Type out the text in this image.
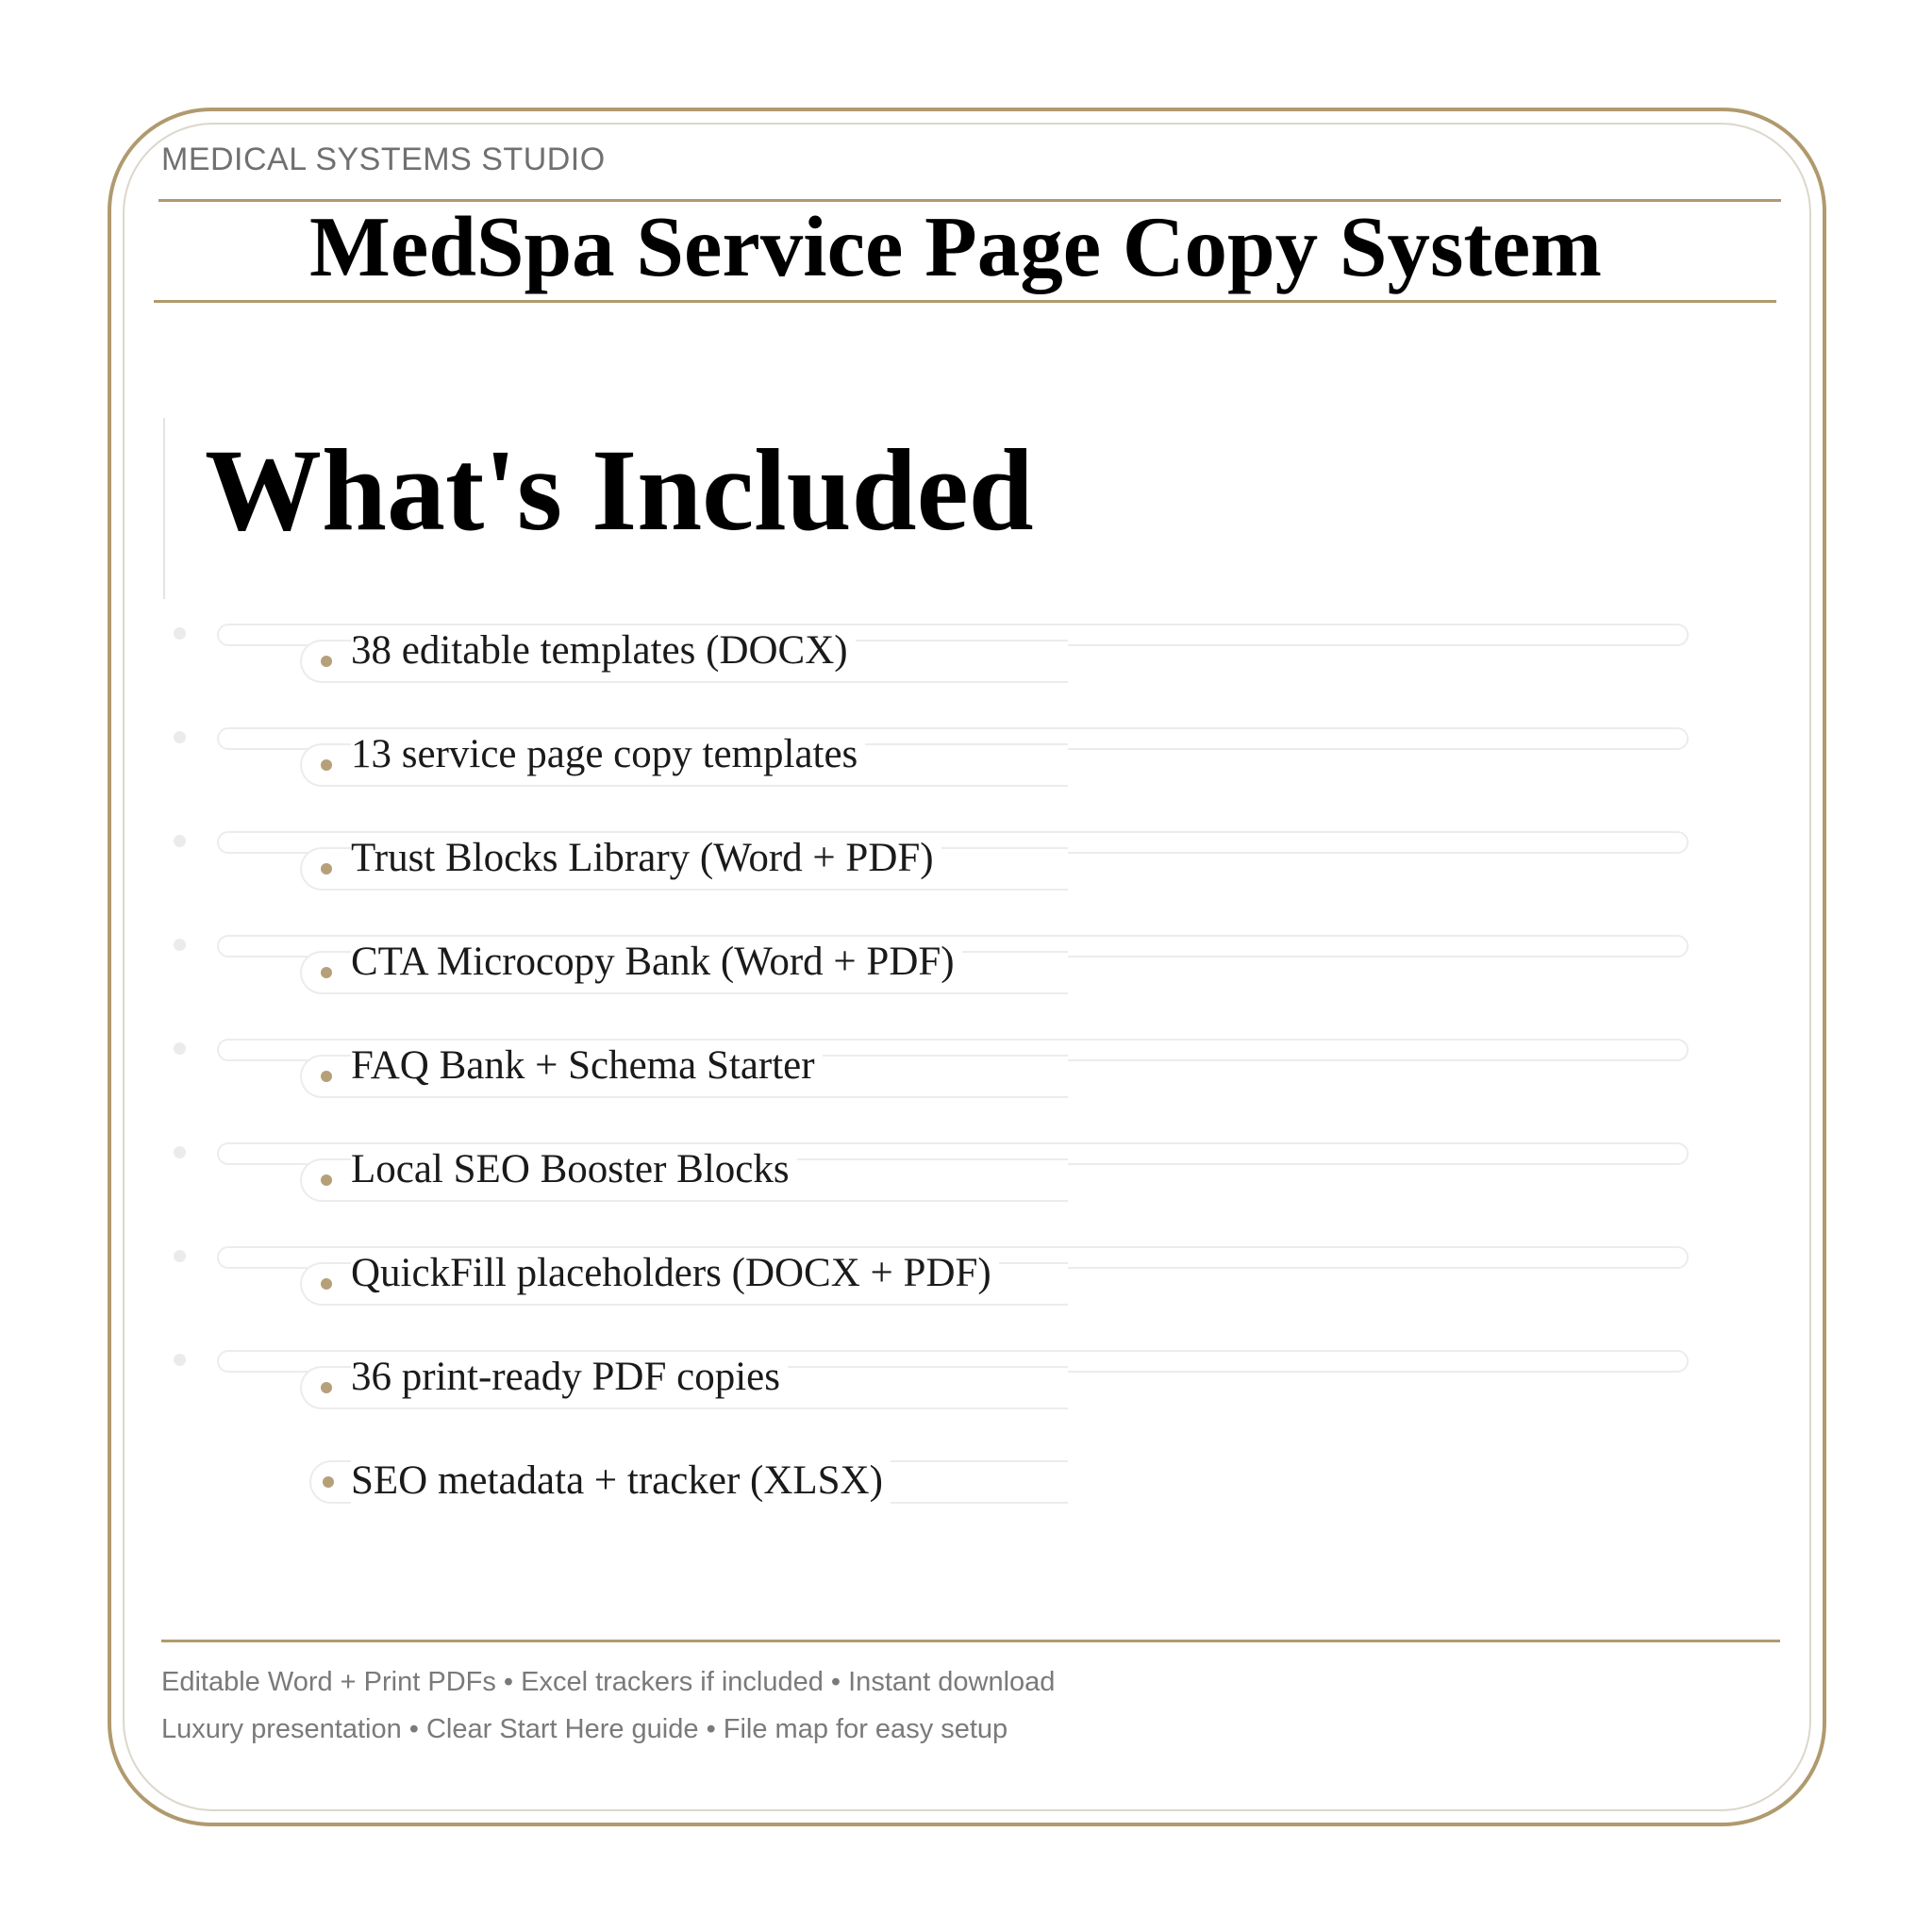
MEDICAL SYSTEMS STUDIO
MedSpa Service Page Copy System
What's Included
38 editable templates (DOCX)
13 service page copy templates
Trust Blocks Library (Word + PDF)
CTA Microcopy Bank (Word + PDF)
FAQ Bank + Schema Starter
Local SEO Booster Blocks
QuickFill placeholders (DOCX + PDF)
36 print-ready PDF copies
SEO metadata + tracker (XLSX)
Editable Word + Print PDFs • Excel trackers if included • Instant download
Luxury presentation • Clear Start Here guide • File map for easy setup
